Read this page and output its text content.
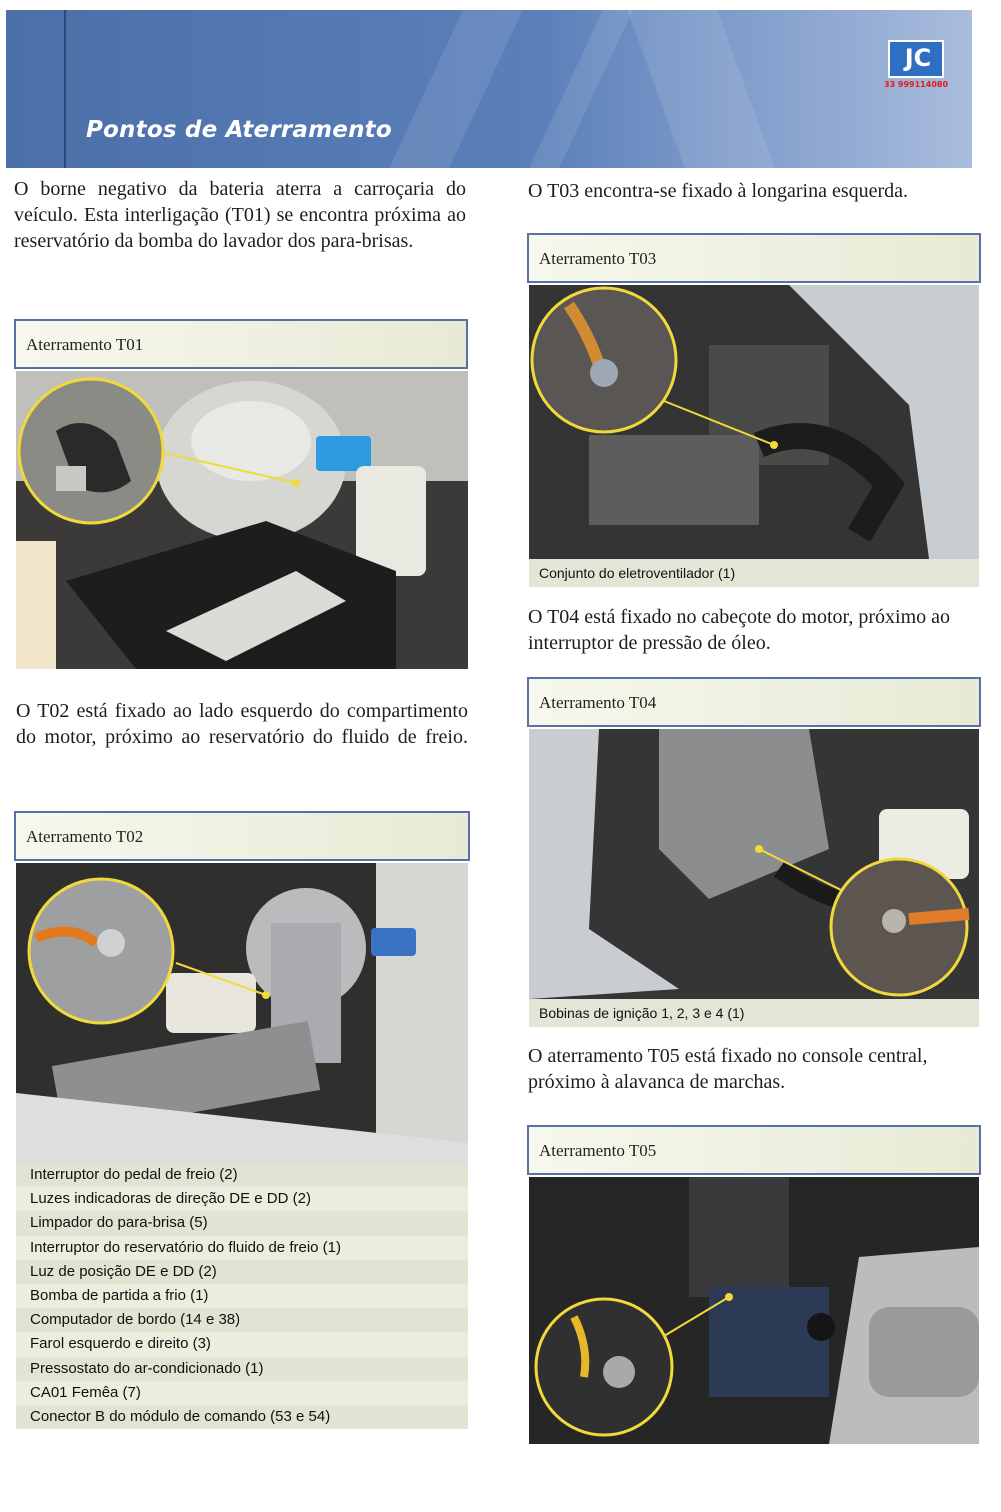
Pontos de Aterramento
JC
33 999114080

O borne negativo da bateria aterra a carroçaria do veículo. Esta interligação (T01) se encontra próxima ao reservatório da bomba do lavador dos para-brisas.

Aterramento T01

O T02 está fixado ao lado esquerdo do compartimento do motor, próximo ao reservatório do fluido de freio.

Aterramento T02
Interruptor do pedal de freio (2)
Luzes indicadoras de direção DE e DD (2)
Limpador do para-brisa (5)
Interruptor do reservatório do fluido de freio (1)
Luz de posição DE e DD (2)
Bomba de partida a frio (1)
Computador de bordo (14 e 38)
Farol esquerdo e direito (3)
Pressostato do ar-condicionado (1)
CA01 Femêa (7)
Conector B do módulo de comando (53 e 54)

O T03 encontra-se fixado à longarina esquerda.

Aterramento T03
Conjunto do eletroventilador (1)

O T04 está fixado no cabeçote do motor, próximo ao interruptor de pressão de óleo.

Aterramento T04
Bobinas de ignição 1, 2, 3 e 4 (1)

O aterramento T05 está fixado no console central, próximo à alavanca de marchas.

Aterramento T05
